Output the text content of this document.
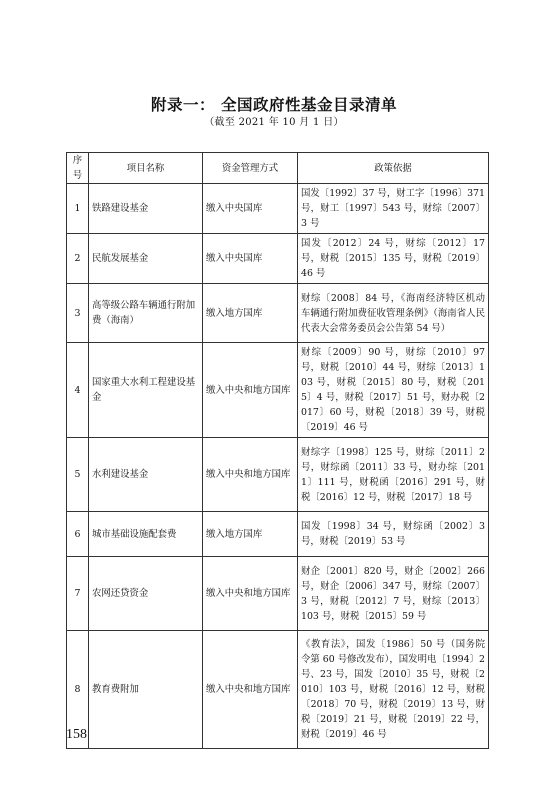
附录一： 全国政府性基金目录清单
（截至 2021 年 10 月 1 日）
序号	项目名称	资金管理方式	政策依据
1	铁路建设基金	缴入中央国库	国发〔1992〕37 号，财工字〔1996〕371 号，财工〔1997〕543 号，财综〔2007〕3 号
2	民航发展基金	缴入中央国库	国发〔2012〕24 号，财综〔2012〕17 号，财税〔2015〕135 号，财税〔2019〕46 号
3	高等级公路车辆通行附加费（海南）	缴入地方国库	财综〔2008〕84 号，《海南经济特区机动车辆通行附加费征收管理条例》（海南省人民代表大会常务委员会公告第 54 号）
4	国家重大水利工程建设基金	缴入中央和地方国库	财综〔2009〕90 号，财综〔2010〕97 号，财税〔2010〕44 号，财综〔2013〕103 号，财税〔2015〕80 号，财税〔2015〕4 号，财税〔2017〕51 号，财办税〔2017〕60 号，财税〔2018〕39 号，财税〔2019〕46 号
5	水利建设基金	缴入中央和地方国库	财综字〔1998〕125 号，财综〔2011〕2 号，财综函〔2011〕33 号，财办综〔2011〕111 号，财税函〔2016〕291 号，财税〔2016〕12 号，财税〔2017〕18 号
6	城市基础设施配套费	缴入地方国库	国发〔1998〕34 号，财综函〔2002〕3 号，财税〔2019〕53 号
7	农网还贷资金	缴入中央和地方国库	财企〔2001〕820 号，财企〔2002〕266 号，财企〔2006〕347 号，财综〔2007〕3 号，财税〔2012〕7 号，财综〔2013〕103 号，财税〔2015〕59 号
8	教育费附加	缴入中央和地方国库	《教育法》，国发〔1986〕50 号（国务院令第 60 号修改发布），国发明电〔1994〕2 号、23 号，国发〔2010〕35 号，财税〔2010〕103 号，财税〔2016〕12 号，财税〔2018〕70 号，财税〔2019〕13 号，财税〔2019〕21 号，财税〔2019〕22 号，财税〔2019〕46 号
158
